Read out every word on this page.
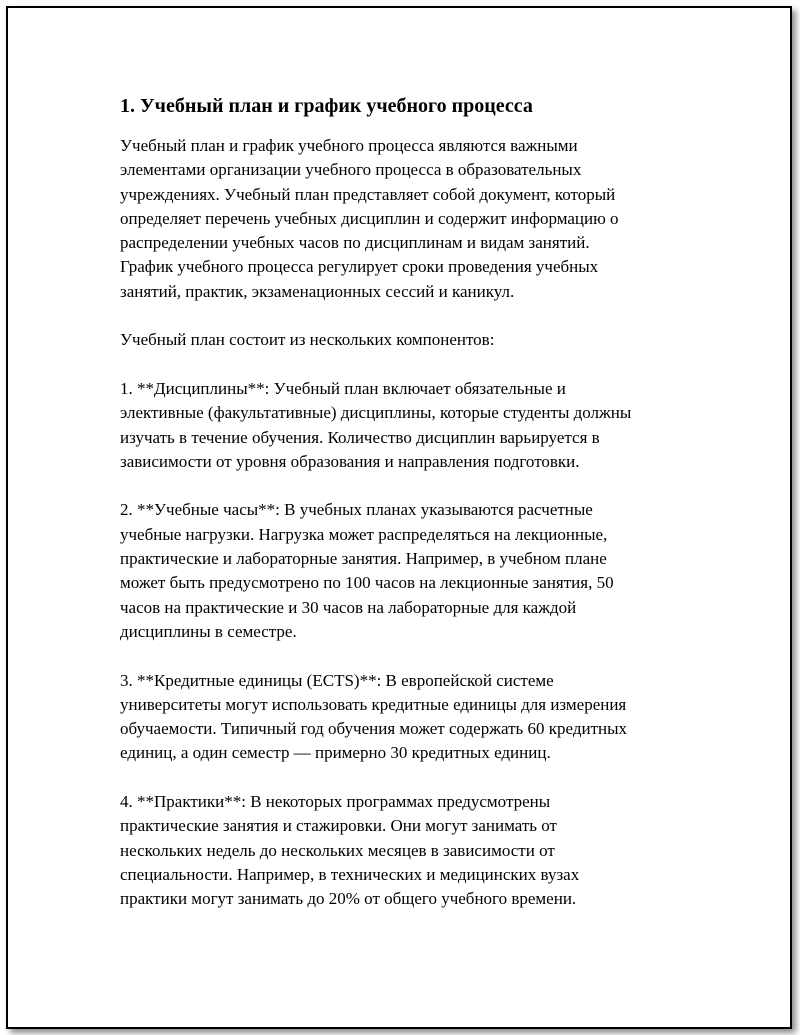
1. Учебный план и график учебного процесса

Учебный план и график учебного процесса являются важными
элементами организации учебного процесса в образовательных
учреждениях. Учебный план представляет собой документ, который
определяет перечень учебных дисциплин и содержит информацию о
распределении учебных часов по дисциплинам и видам занятий.
График учебного процесса регулирует сроки проведения учебных
занятий, практик, экзаменационных сессий и каникул.

Учебный план состоит из нескольких компонентов:

1. **Дисциплины**: Учебный план включает обязательные и
элективные (факультативные) дисциплины, которые студенты должны
изучать в течение обучения. Количество дисциплин варьируется в
зависимости от уровня образования и направления подготовки.

2. **Учебные часы**: В учебных планах указываются расчетные
учебные нагрузки. Нагрузка может распределяться на лекционные,
практические и лабораторные занятия. Например, в учебном плане
может быть предусмотрено по 100 часов на лекционные занятия, 50
часов на практические и 30 часов на лабораторные для каждой
дисциплины в семестре.

3. **Кредитные единицы (ECTS)**: В европейской системе
университеты могут использовать кредитные единицы для измерения
обучаемости. Типичный год обучения может содержать 60 кредитных
единиц, а один семестр — примерно 30 кредитных единиц.

4. **Практики**: В некоторых программах предусмотрены
практические занятия и стажировки. Они могут занимать от
нескольких недель до нескольких месяцев в зависимости от
специальности. Например, в технических и медицинских вузах
практики могут занимать до 20% от общего учебного времени.
